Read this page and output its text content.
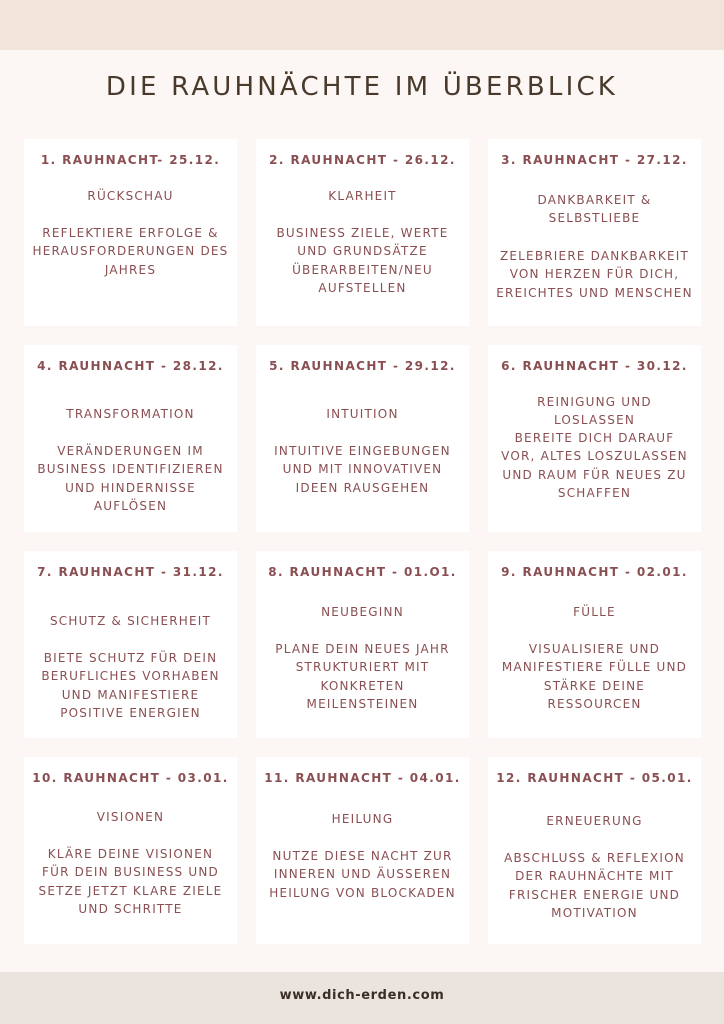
DIE RAUHNÄCHTE IM ÜBERBLICK
1. RAUHNACHT- 25.12.
RÜCKSCHAU
REFLEKTIERE ERFOLGE & HERAUSFORDERUNGEN DES JAHRES
2. RAUHNACHT - 26.12.
KLARHEIT
BUSINESS ZIELE, WERTE UND GRUNDSÄTZE ÜBERARBEITEN/NEU AUFSTELLEN
3. RAUHNACHT - 27.12.
DANKBARKEIT & SELBSTLIEBE
ZELEBRIERE DANKBARKEIT VON HERZEN FÜR DICH, EREICHTES UND MENSCHEN
4. RAUHNACHT - 28.12.
TRANSFORMATION
VERÄNDERUNGEN IM BUSINESS IDENTIFIZIEREN UND HINDERNISSE AUFLÖSEN
5. RAUHNACHT - 29.12.
INTUITION
INTUITIVE EINGEBUNGEN UND MIT INNOVATIVEN IDEEN RAUSGEHEN
6. RAUHNACHT - 30.12.
REINIGUNG UND LOSLASSEN
BEREITE DICH DARAUF VOR, ALTES LOSZULASSEN UND RAUM FÜR NEUES ZU SCHAFFEN
7. RAUHNACHT - 31.12.
SCHUTZ & SICHERHEIT
BIETE SCHUTZ FÜR DEIN BERUFLICHES VORHABEN UND MANIFESTIERE POSITIVE ENERGIEN
8. RAUHNACHT - 01.O1.
NEUBEGINN
PLANE DEIN NEUES JAHR STRUKTURIERT MIT KONKRETEN MEILENSTEINEN
9. RAUHNACHT - 02.01.
FÜLLE
VISUALISIERE UND MANIFESTIERE FÜLLE UND STÄRKE DEINE RESSOURCEN
10. RAUHNACHT - 03.01.
VISIONEN
KLÄRE DEINE VISIONEN FÜR DEIN BUSINESS UND SETZE JETZT KLARE ZIELE UND SCHRITTE
11. RAUHNACHT - 04.01.
HEILUNG
NUTZE DIESE NACHT ZUR INNEREN UND ÄUSSEREN HEILUNG VON BLOCKADEN
12. RAUHNACHT - 05.01.
ERNEUERUNG
ABSCHLUSS & REFLEXION DER RAUHNÄCHTE MIT FRISCHER ENERGIE UND MOTIVATION
www.dich-erden.com
